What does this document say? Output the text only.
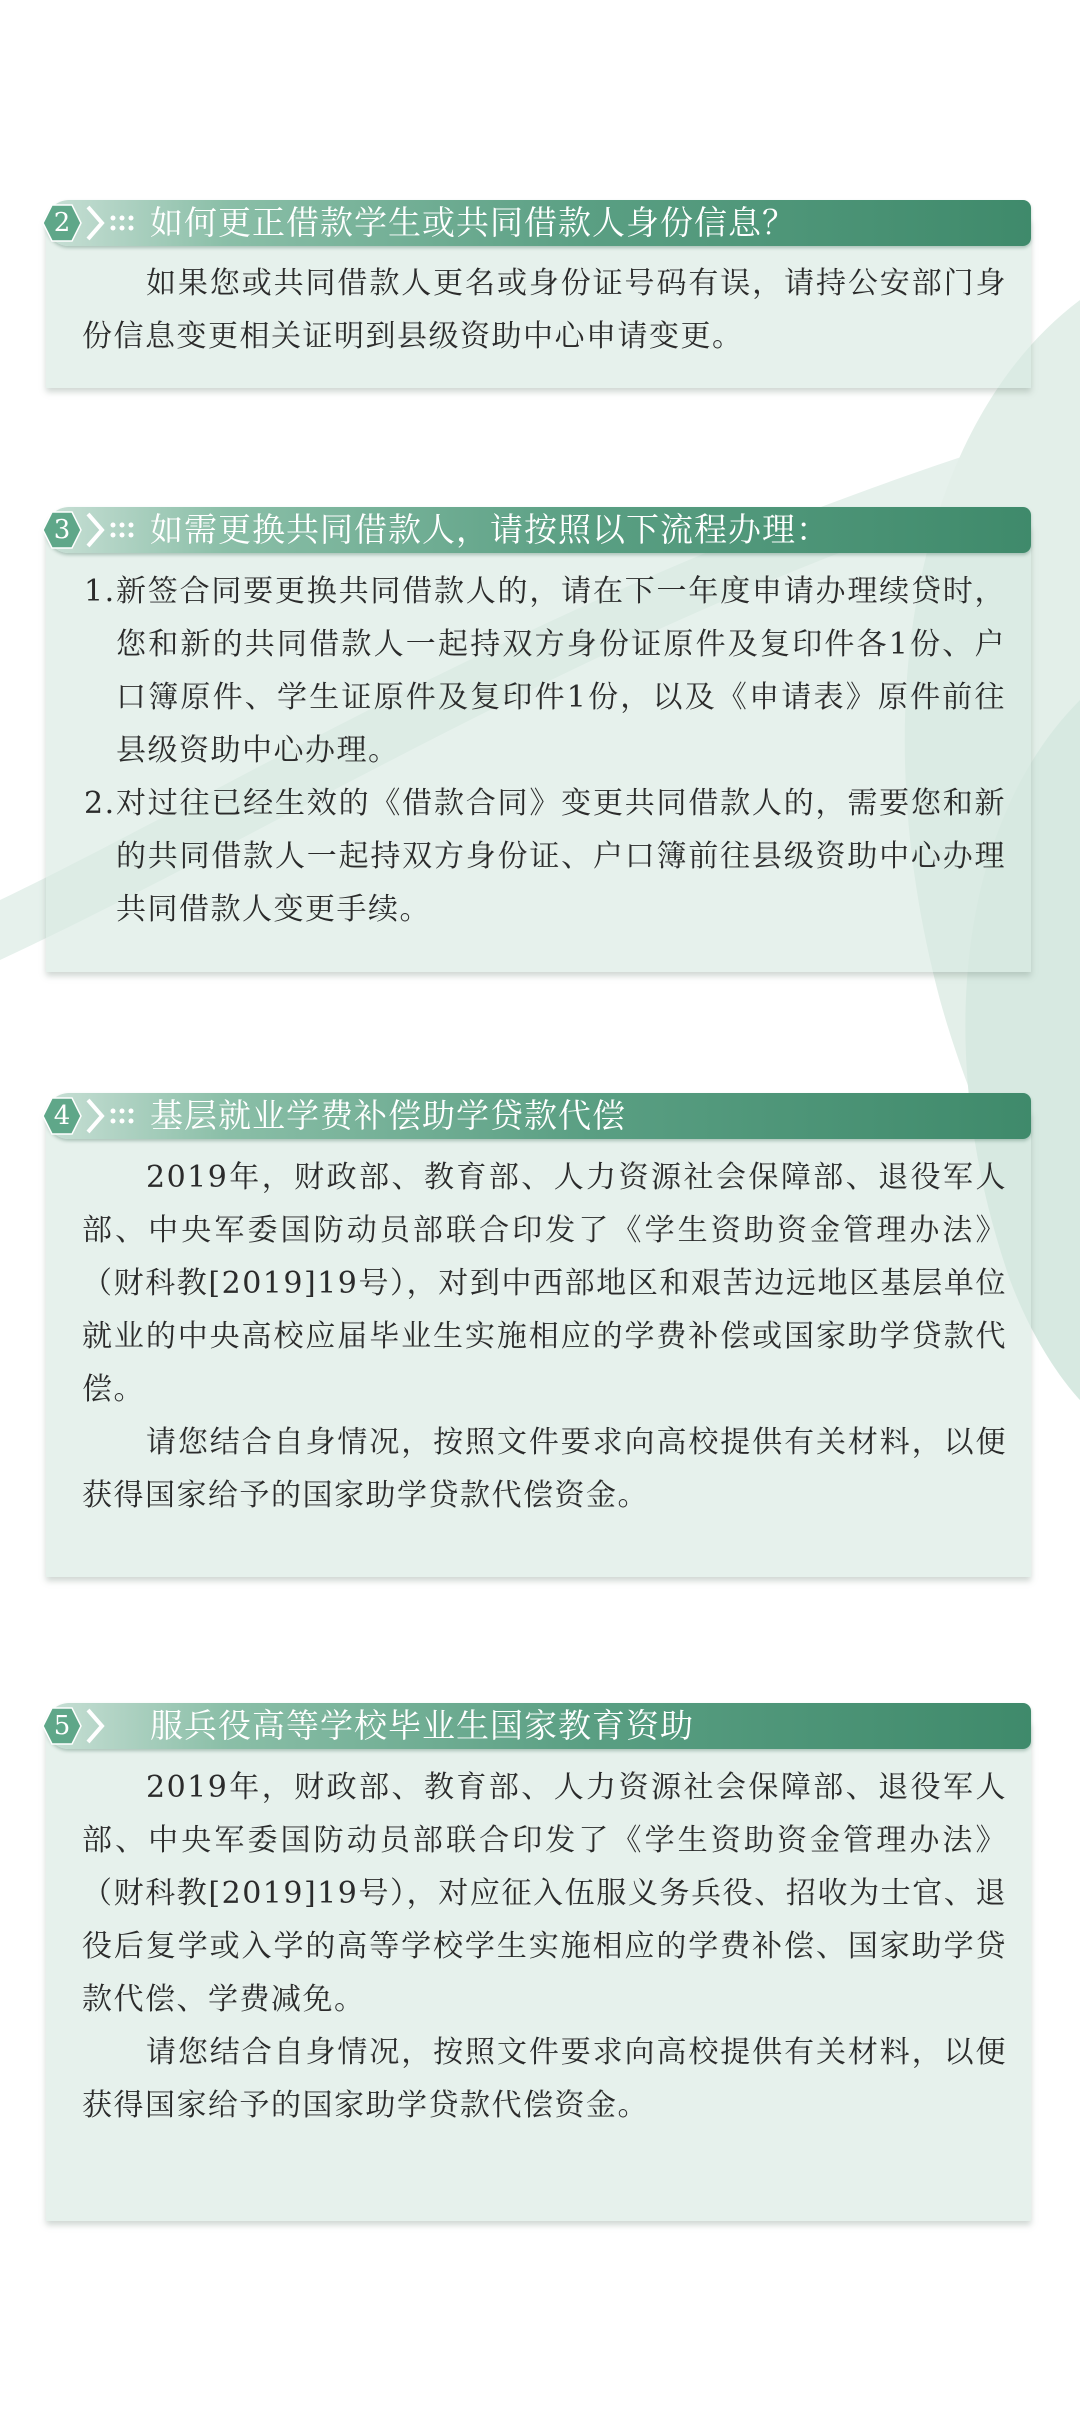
2	如何更正借款学生或共同借款人身份信息？

如果您或共同借款人更名或身份证号码有误，请持公安部门身份信息变更相关证明到县级资助中心申请变更。

3	如需更换共同借款人，请按照以下流程办理：
1. 新签合同要更换共同借款人的，请在下一年度申请办理续贷时，您和新的共同借款人一起持双方身份证原件及复印件各1份、户口簿原件、学生证原件及复印件1份，以及《申请表》原件前往县级资助中心办理。
2. 对过往已经生效的《借款合同》变更共同借款人的，需要您和新的共同借款人一起持双方身份证、户口簿前往县级资助中心办理共同借款人变更手续。
4	基层就业学费补偿助学贷款代偿

2019年，财政部、教育部、人力资源社会保障部、退役军人部、中央军委国防动员部联合印发了《学生资助资金管理办法》（财科教[2019]19号），对到中西部地区和艰苦边远地区基层单位就业的中央高校应届毕业生实施相应的学费补偿或国家助学贷款代偿。

请您结合自身情况，按照文件要求向高校提供有关材料，以便获得国家给予的国家助学贷款代偿资金。

5	服兵役高等学校毕业生国家教育资助

2019年，财政部、教育部、人力资源社会保障部、退役军人部、中央军委国防动员部联合印发了《学生资助资金管理办法》（财科教[2019]19号），对应征入伍服义务兵役、招收为士官、退役后复学或入学的高等学校学生实施相应的学费补偿、国家助学贷款代偿、学费减免。

请您结合自身情况，按照文件要求向高校提供有关材料，以便获得国家给予的国家助学贷款代偿资金。
